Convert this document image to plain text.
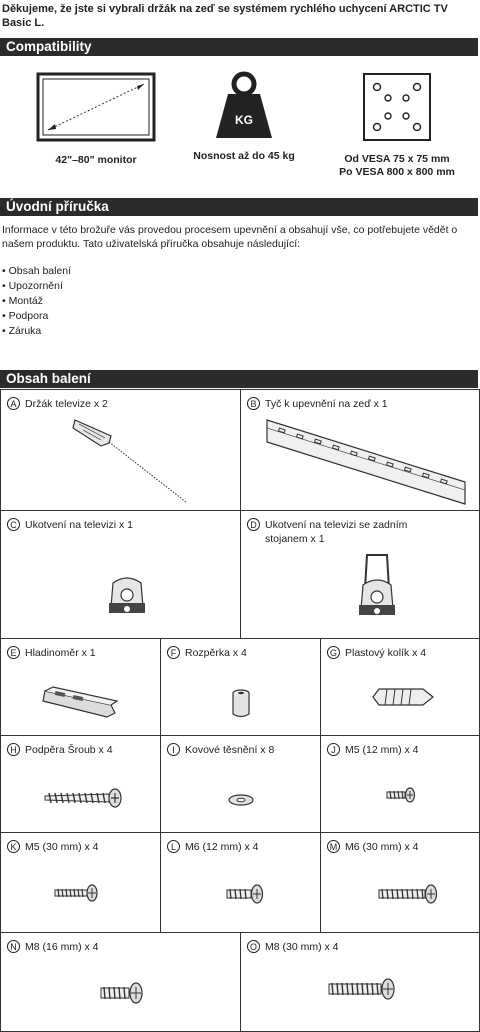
Děkujeme, že jste si vybrali držák na zeď se systémem rychlého uchycení ARCTIC TV Basic L.
Compatibility
42"–80" monitor
KG
Nosnost až do 45 kg	Od VESA 75 x 75 mm
Po VESA 800 x 800 mm
Úvodní příručka
Informace v této brožuře vás provedou procesem upevnění a obsahují vše, co potřebujete vědět o našem produktu. Tato uživatelská příručka obsahuje následující:
• Obsah balení
• Upozornění
• Montáž
• Podpora
• Záruka
Obsah balení
A Držák televize x 2	B Tyč k upevnění na zeď x 1
C Ukotvení na televizi x 1	D Ukotvení na televizi se zadním stojanem x 1
E Hladinoměr x 1	F Rozpěrka x 4	G Plastový kolík x 4
H Podpěra Šroub x 4	I Kovové těsnění x 8	J M5 (12 mm) x 4
K M5 (30 mm) x 4	L M6 (12 mm) x 4	M M6 (30 mm) x 4
N M8 (16 mm) x 4	O M8 (30 mm) x 4
